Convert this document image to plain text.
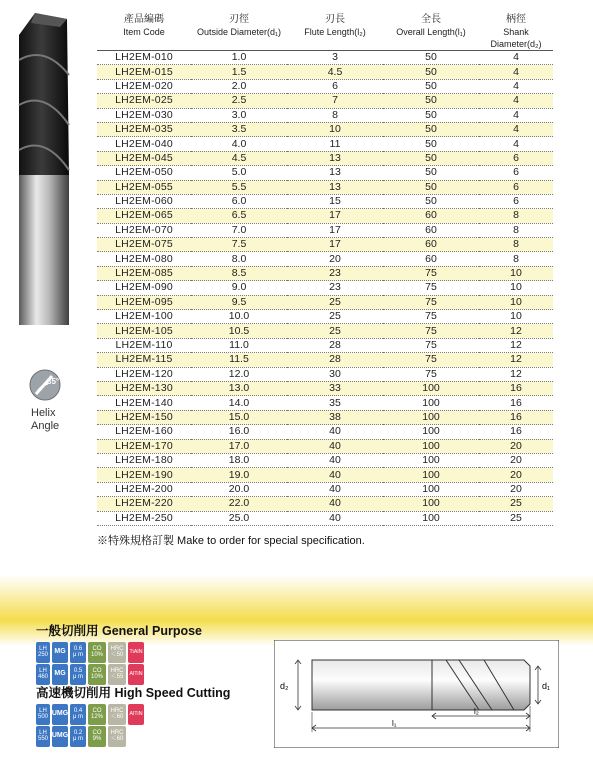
35°
Helix
Angle
產品編碼	刃徑	刃長	全長	柄徑
Item Code	Outside Diameter(d₁)	Flute Length(l₂)	Overall Length(l₁)	Shank Diameter(d₂)
LH2EM-010	1.0	3	50	4
LH2EM-015	1.5	4.5	50	4
LH2EM-020	2.0	6	50	4
LH2EM-025	2.5	7	50	4
LH2EM-030	3.0	8	50	4
LH2EM-035	3.5	10	50	4
LH2EM-040	4.0	11	50	4
LH2EM-045	4.5	13	50	6
LH2EM-050	5.0	13	50	6
LH2EM-055	5.5	13	50	6
LH2EM-060	6.0	15	50	6
LH2EM-065	6.5	17	60	8
LH2EM-070	7.0	17	60	8
LH2EM-075	7.5	17	60	8
LH2EM-080	8.0	20	60	8
LH2EM-085	8.5	23	75	10
LH2EM-090	9.0	23	75	10
LH2EM-095	9.5	25	75	10
LH2EM-100	10.0	25	75	10
LH2EM-105	10.5	25	75	12
LH2EM-110	11.0	28	75	12
LH2EM-115	11.5	28	75	12
LH2EM-120	12.0	30	75	12
LH2EM-130	13.0	33	100	16
LH2EM-140	14.0	35	100	16
LH2EM-150	15.0	38	100	16
LH2EM-160	16.0	40	100	16
LH2EM-170	17.0	40	100	20
LH2EM-180	18.0	40	100	20
LH2EM-190	19.0	40	100	20
LH2EM-200	20.0	40	100	20
LH2EM-220	22.0	40	100	25
LH2EM-250	25.0	40	100	25
※特殊規格訂製 Make to order for special specification.
一般切削用 General Purpose
LH
250
MG	0.6
μ m
CO
10%
HRC
＜50
TiAlN
LH
460
MG	0.5
μ m
CO
10%
HRC
＜55
AlTiN
高速機切削用 High Speed Cutting
LH
500
UMG 0.4
μ m
CO
12%
HRC
＜60
AlTiN
LH
550
UMG 0.2
μ m
CO
9%
HRC
＜60
d₂	d₁
l₂
l₁
